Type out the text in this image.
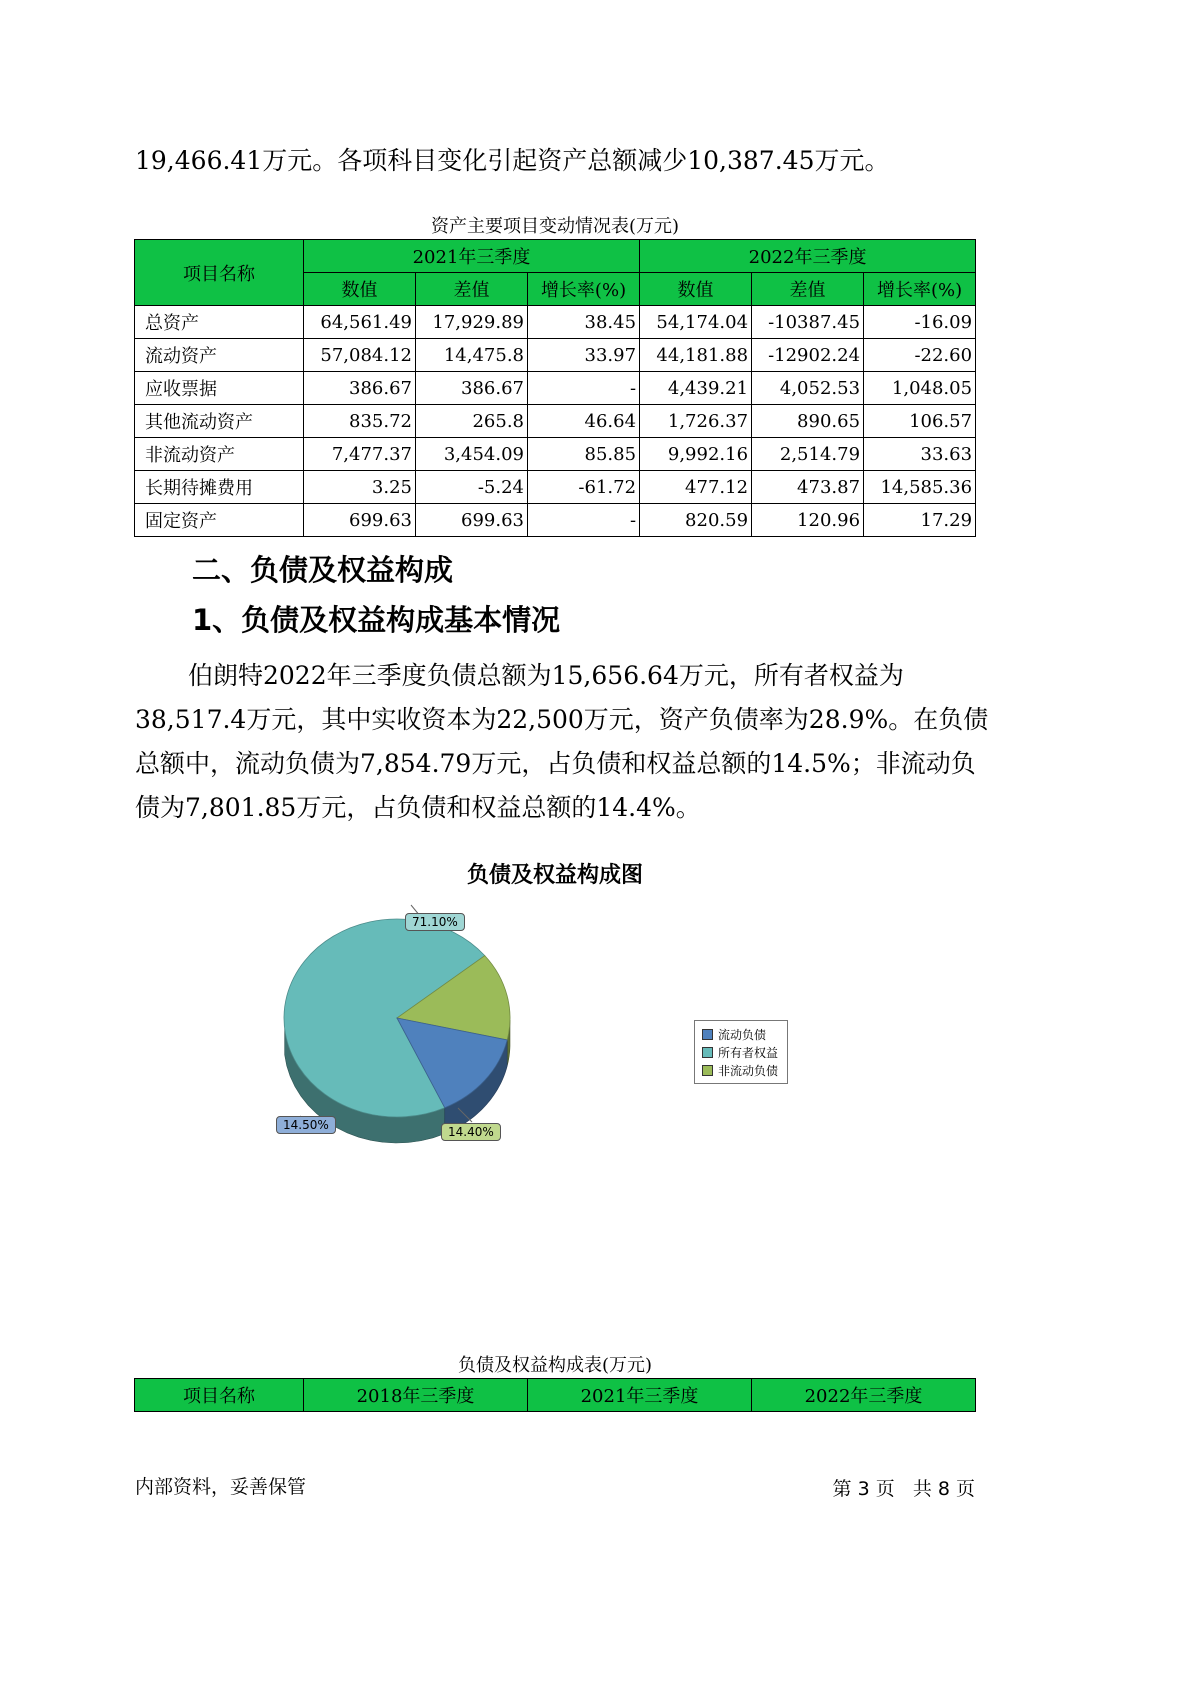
19,466.41万元。各项科目变化引起资产总额减少10,387.45万元。
资产主要项目变动情况表(万元)
项目名称	2021年三季度			2022年三季度		
	数值	差值	增长率(%)	数值	差值	增长率(%)
总资产	64,561.49	17,929.89	38.45	54,174.04	-10387.45	-16.09
流动资产	57,084.12	14,475.8	33.97	44,181.88	-12902.24	-22.60
应收票据	386.67	386.67	-	4,439.21	4,052.53	1,048.05
其他流动资产	835.72	265.8	46.64	1,726.37	890.65	106.57
非流动资产	7,477.37	3,454.09	85.85	9,992.16	2,514.79	33.63
长期待摊费用	3.25	-5.24	-61.72	477.12	473.87	14,585.36
固定资产	699.63	699.63	-	820.59	120.96	17.29
二、负债及权益构成
1、负债及权益构成基本情况
伯朗特2022年三季度负债总额为15,656.64万元，所有者权益为
38,517.4万元，其中实收资本为22,500万元，资产负债率为28.9%。在负债
总额中，流动负债为7,854.79万元，占负债和权益总额的14.5%；非流动负
债为7,801.85万元，占负债和权益总额的14.4%。
负债及权益构成图
71.10%
14.50%	14.40%
流动负债
所有者权益
非流动负债
负债及权益构成表(万元)
项目名称	2018年三季度	2021年三季度	2022年三季度
内部资料，妥善保管	第 3 页   共 8 页
